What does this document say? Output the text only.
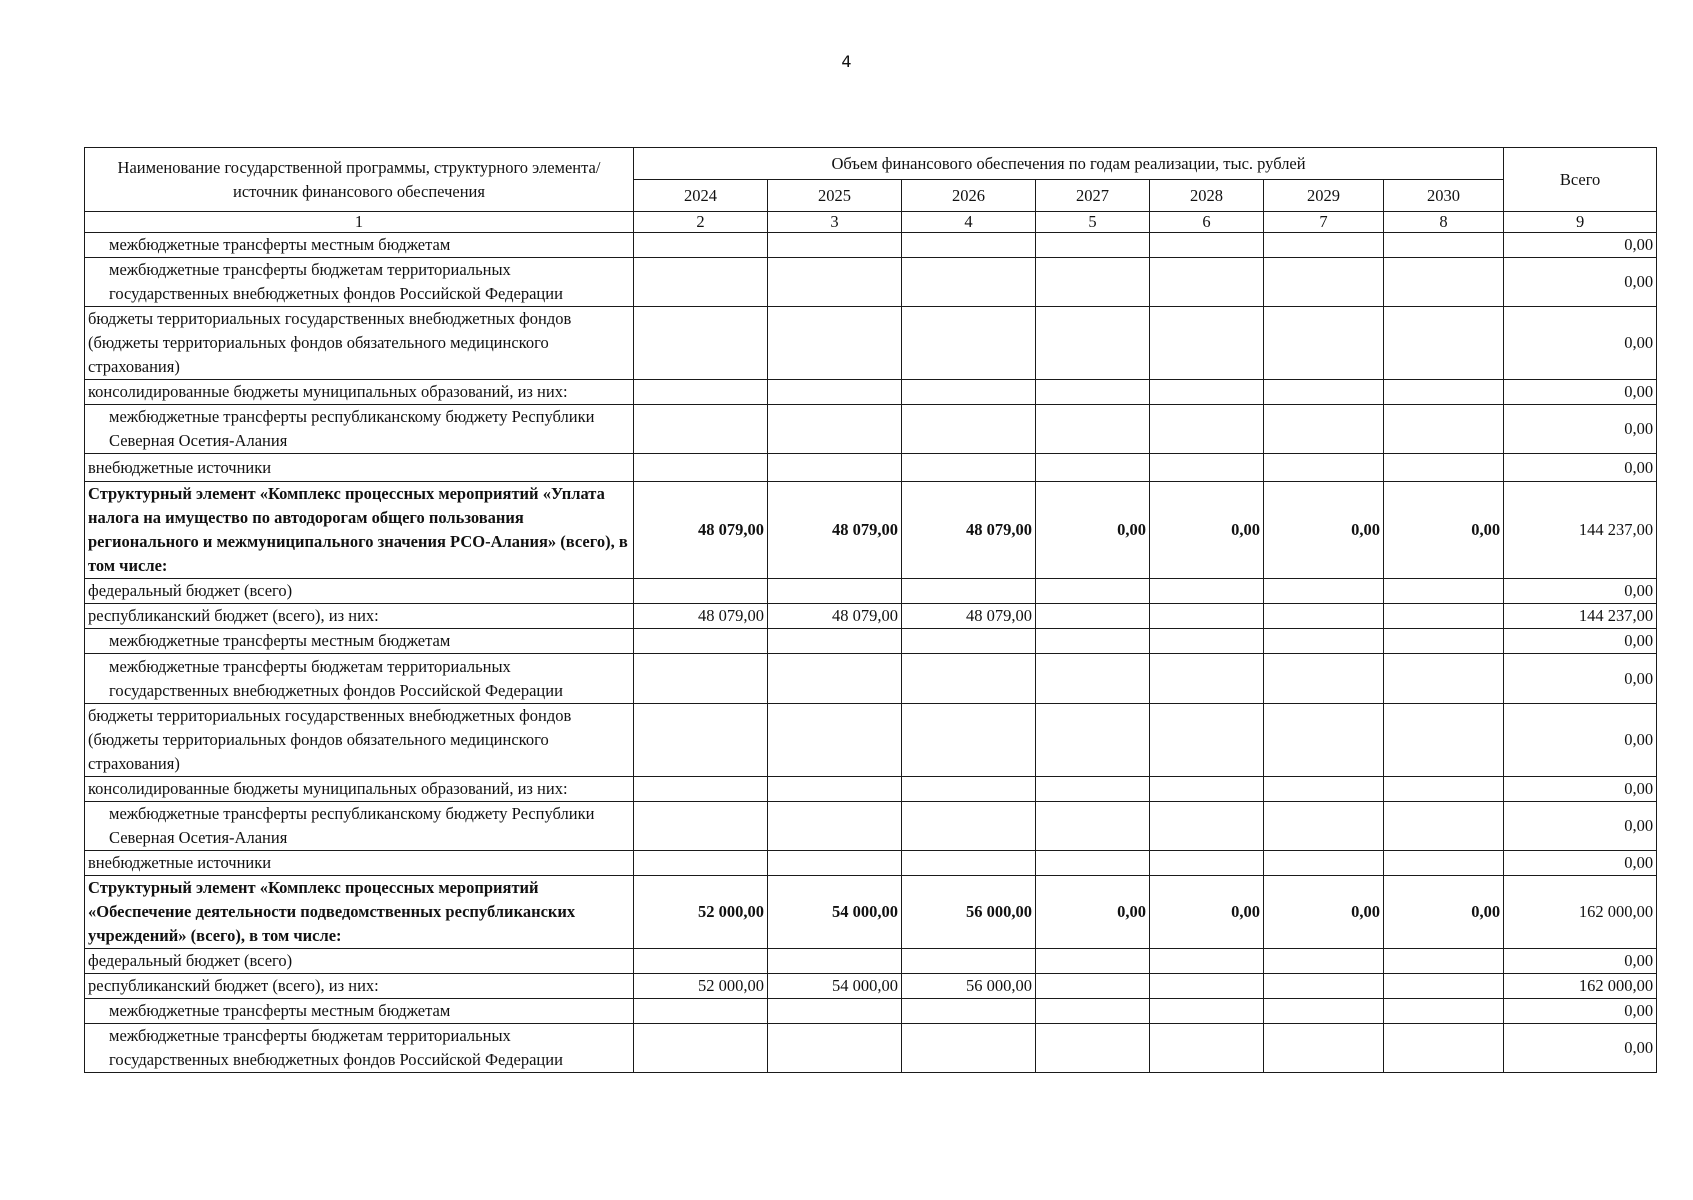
4
Наименование государственной программы, структурного элемента/источник финансового обеспечения	Объем финансового обеспечения по годам реализации, тыс. рублей							Всего
	2024	2025	2026	2027	2028	2029	2030	
1	2	3	4	5	6	7	8	9
межбюджетные трансферты местным бюджетам								0,00
межбюджетные трансферты бюджетам территориальных государственных внебюджетных фондов Российской Федерации								0,00
бюджеты территориальных государственных внебюджетных фондов (бюджеты территориальных фондов обязательного медицинского страхования)								0,00
консолидированные бюджеты муниципальных образований, из них:								0,00
межбюджетные трансферты республиканскому бюджету Республики Северная Осетия-Алания								0,00
внебюджетные источники								0,00
Структурный элемент «Комплекс процессных мероприятий «Уплата налога на имущество по автодорогам общего пользования регионального и межмуниципального значения РСО-Алания» (всего), в том числе:	48 079,00	48 079,00	48 079,00	0,00	0,00	0,00	0,00	144 237,00
федеральный бюджет (всего)								0,00
республиканский бюджет (всего), из них:	48 079,00	48 079,00	48 079,00					144 237,00
межбюджетные трансферты местным бюджетам								0,00
межбюджетные трансферты бюджетам территориальных государственных внебюджетных фондов Российской Федерации								0,00
бюджеты территориальных государственных внебюджетных фондов (бюджеты территориальных фондов обязательного медицинского страхования)								0,00
консолидированные бюджеты муниципальных образований, из них:								0,00
межбюджетные трансферты республиканскому бюджету Республики Северная Осетия-Алания								0,00
внебюджетные источники								0,00
Структурный элемент «Комплекс процессных мероприятий «Обеспечение деятельности подведомственных республиканских учреждений» (всего), в том числе:	52 000,00	54 000,00	56 000,00	0,00	0,00	0,00	0,00	162 000,00
федеральный бюджет (всего)								0,00
республиканский бюджет (всего), из них:	52 000,00	54 000,00	56 000,00					162 000,00
межбюджетные трансферты местным бюджетам								0,00
межбюджетные трансферты бюджетам территориальных государственных внебюджетных фондов Российской Федерации								0,00
